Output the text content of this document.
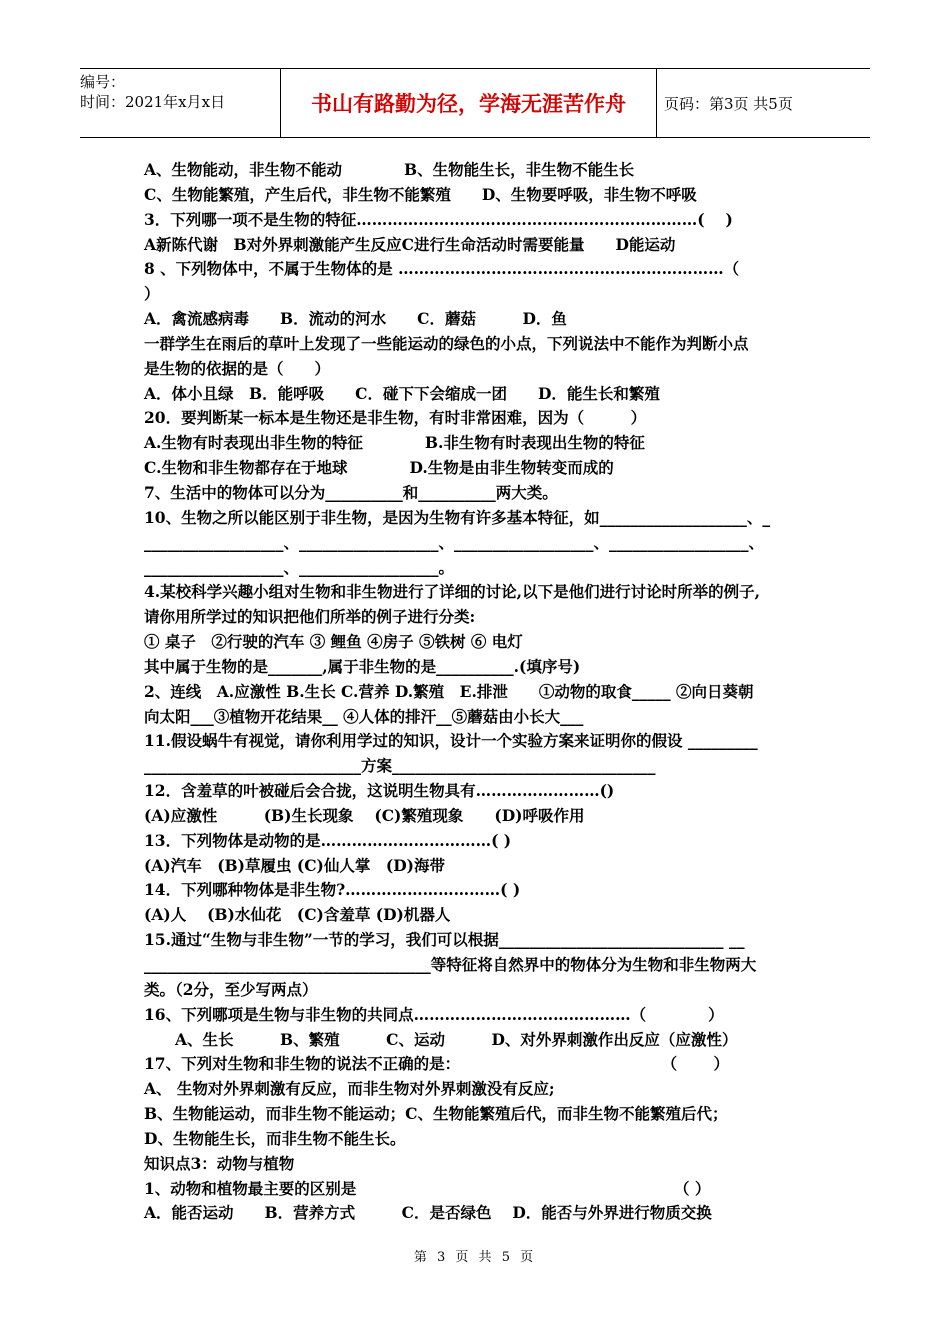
编号：
时间：2021年x月x日	书山有路勤为径，学海无涯苦作舟	页码：第3页 共5页
A、生物能动，非生物不能动　　　　B、生物能生长，非生物不能生长
C、生物能繁殖，产生后代，非生物不能繁殖　　D、生物要呼吸，非生物不呼吸
3．下列哪一项不是生物的特征…………………………………………………………(　 )
A新陈代谢　B对外界刺激能产生反应C进行生命活动时需要能量　　D能运动
8 、下列物体中，不属于生物体的是 ………………………………………………………（
）
A．禽流感病毒　　B．流动的河水　　C．蘑菇　　　D．鱼
一群学生在雨后的草叶上发现了一些能运动的绿色的小点，下列说法中不能作为判断小点
是生物的依据的是（　　）
A．体小且绿　B．能呼吸　　C．碰下下会缩成一团　　D．能生长和繁殖
20．要判断某一标本是生物还是非生物，有时非常困难，因为（　　　）
A.生物有时表现出非生物的特征　　　　B.非生物有时表现出生物的特征
C.生物和非生物都存在于地球　　　　D.生物是由非生物转变而成的
7、生活中的物体可以分为__________和__________两大类。
10、生物之所以能区别于非生物，是因为生物有许多基本特征，如___________________、_
__________________、__________________、__________________、__________________、
__________________、__________________。
4.某校科学兴趣小组对生物和非生物进行了详细的讨论,以下是他们进行讨论时所举的例子,
请你用所学过的知识把他们所举的例子进行分类:
① 桌子　②行驶的汽车 ③ 鲤鱼 ④房子 ⑤铁树 ⑥ 电灯
其中属于生物的是_______,属于非生物的是__________.(填序号)
2、连线　A.应激性 B.生长 C.营养 D.繁殖　E.排泄　　①动物的取食_____ ②向日葵朝
向太阳___③植物开花结果__ ④人体的排汗__⑤蘑菇由小长大___
11.假设蜗牛有视觉，请你利用学过的知识，设计一个实验方案来证明你的假设 _________
____________________________方案__________________________________
12．含羞草的叶被碰后会合拢，这说明生物具有……………………()
(A)应激性　　　(B)生长现象　 (C)繁殖现象　　(D)呼吸作用
13．下列物体是动物的是……………………………( )
(A)汽车　(B)草履虫 (C)仙人掌　(D)海带
14．下列哪种物体是非生物?…………………………( )
(A)人　 (B)水仙花　(C)含羞草 (D)机器人
15.通过“生物与非生物”一节的学习，我们可以根据_____________________________ __
_____________________________________等特征将自然界中的物体分为生物和非生物两大
类。（2分，至少写两点）
16、下列哪项是生物与非生物的共同点……………………………………（　　　　）
　　A、生长　　　B、繁殖　　　C、运动　　　D、对外界刺激作出反应（应激性）
17、下列对生物和非生物的说法不正确的是：　　　　　　　　　　　　　　（　　 ）
A、 生物对外界刺激有反应，而非生物对外界刺激没有反应;
B、生物能运动，而非生物不能运动；C、生物能繁殖后代，而非生物不能繁殖后代；
D、生物能生长，而非生物不能生长。
知识点3：动物与植物
1、动物和植物最主要的区别是　　　　　　　　　　　　　　　　　　　　　（ ）
A．能否运动　　B．营养方式　　　C．是否绿色　 D．能否与外界进行物质交换
第 3 页 共 5 页
